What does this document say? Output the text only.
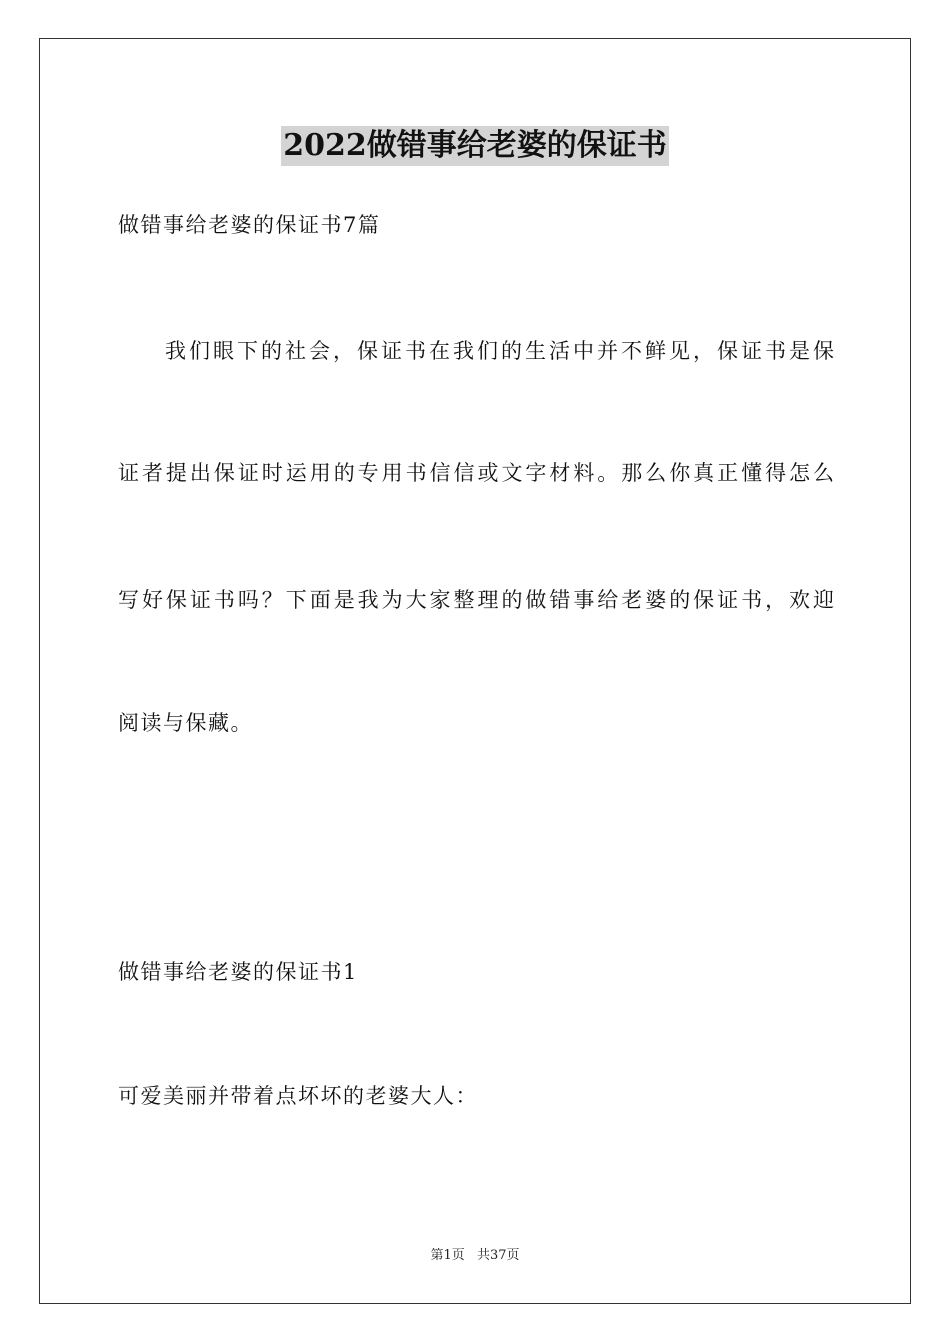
2022做错事给老婆的保证书
做错事给老婆的保证书7篇
我们眼下的社会，保证书在我们的生活中并不鲜见，保证书是保
证者提出保证时运用的专用书信信或文字材料。那么你真正懂得怎么
写好保证书吗？下面是我为大家整理的做错事给老婆的保证书，欢迎
阅读与保藏。
做错事给老婆的保证书1
可爱美丽并带着点坏坏的老婆大人：
第1页 共37页
